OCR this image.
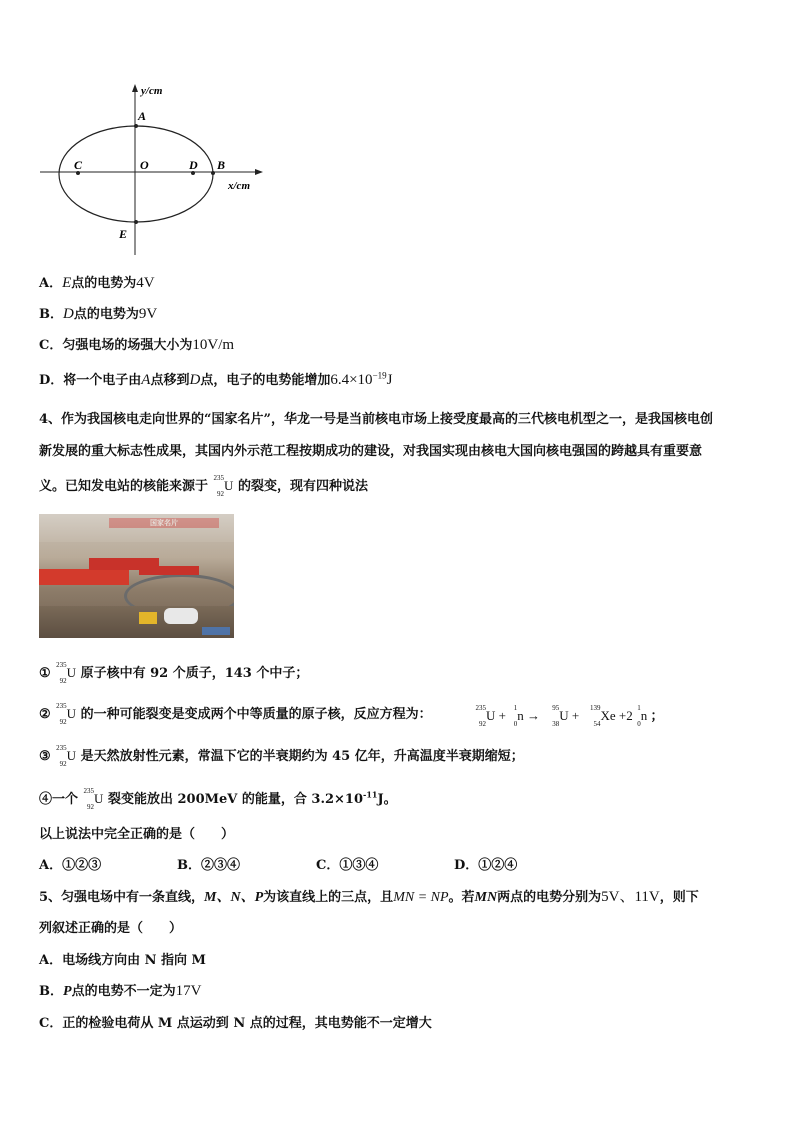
y/cm
x/cm
A
B
C	D
O
E
A．E点的电势为4V
B．D点的电势为9V
C．匀强电场的场强大小为10V/m
D．将一个电子由A点移到D点，电子的电势能增加$6.4\times 10^{-19}J$
4、作为我国核电走向世界的“国家名片”，华龙一号是当前核电市场上接受度最高的三代核电机型之一，是我国核电创
新发展的重大标志性成果，其国内外示范工程按期成功的建设，对我国实现由核电大国向核电强国的跨越具有重要意
义。已知发电站的核能来源于
235
92
U 的裂变，现有四种说法
①
235
92
U 原子核中有 92 个质子，143 个中子；
②
235
92
U 的一种可能裂变是变成两个中等质量的原子核，反应方程为：	235
92
U + 1
0
n → 95
38
U + 139
54
Xe +2 1
0
n ；
③
235
92
U 是天然放射性元素，常温下它的半衰期约为 45 亿年，升高温度半衰期缩短；
④一个
235
92
U 裂变能放出 200MeV 的能量，合 $3.2\times 10^{-11}J$。
以上说法中完全正确的是（　　）
A．①②③	B．②③④	C．①③④	D．①②④
5、匀强电场中有一条直线，M、N、P为该直线上的三点，且MN = NP。若MN两点的电势分别为5V、11V，则下
列叙述正确的是（　　）
A．电场线方向由 N 指向 M
B．P点的电势不一定为17V
C．正的检验电荷从 M 点运动到 N 点的过程，其电势能不一定增大
